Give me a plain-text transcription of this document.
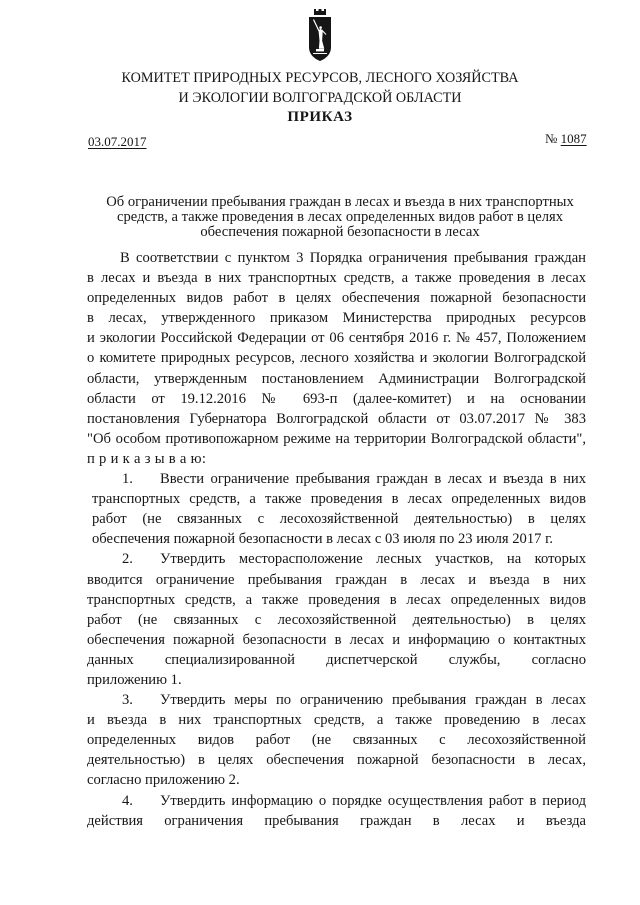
КОМИТЕТ ПРИРОДНЫХ РЕСУРСОВ, ЛЕСНОГО ХОЗЯЙСТВА
И ЭКОЛОГИИ ВОЛГОГРАДСКОЙ ОБЛАСТИ
ПРИКАЗ
03.07.2017	№ 1087
Об ограничении пребывания граждан в лесах и въезда в них транспортных
средств, а также проведения в лесах определенных видов работ в целях
обеспечения пожарной безопасности в лесах
В соответствии с пунктом 3 Порядка ограничения пребывания граждан
в лесах и въезда в них транспортных средств, а также проведения в лесах
определенных видов работ в целях обеспечения пожарной безопасности
в лесах, утвержденного приказом Министерства природных ресурсов
и экологии Российской Федерации от 06 сентября 2016 г. № 457, Положением
о комитете природных ресурсов, лесного хозяйства и экологии Волгоградской
области, утвержденным постановлением Администрации Волгоградской
области от 19.12.2016 № 693-п (далее-комитет) и на основании
постановления Губернатора Волгоградской области от 03.07.2017 № 383
"Об особом противопожарном режиме на территории Волгоградской области",
п р и к а з ы в а ю:
1.	Ввести ограничение пребывания граждан в лесах и въезда в них
транспортных средств, а также проведения в лесах определенных видов
работ (не связанных с лесохозяйственной деятельностью) в целях
обеспечения пожарной безопасности в лесах с 03 июля по 23 июля 2017 г.
2.	Утвердить месторасположение лесных участков, на которых
вводится ограничение пребывания граждан в лесах и въезда в них
транспортных средств, а также проведения в лесах определенных видов
работ (не связанных с лесохозяйственной деятельностью) в целях
обеспечения пожарной безопасности в лесах и информацию о контактных
данных специализированной диспетчерской службы, согласно
приложению 1.
3.	Утвердить меры по ограничению пребывания граждан в лесах
и въезда в них транспортных средств, а также проведению в лесах
определенных видов работ (не связанных с лесохозяйственной
деятельностью) в целях обеспечения пожарной безопасности в лесах,
согласно приложению 2.
4.	Утвердить информацию о порядке осуществления работ в период
действия ограничения пребывания граждан в лесах и въезда
